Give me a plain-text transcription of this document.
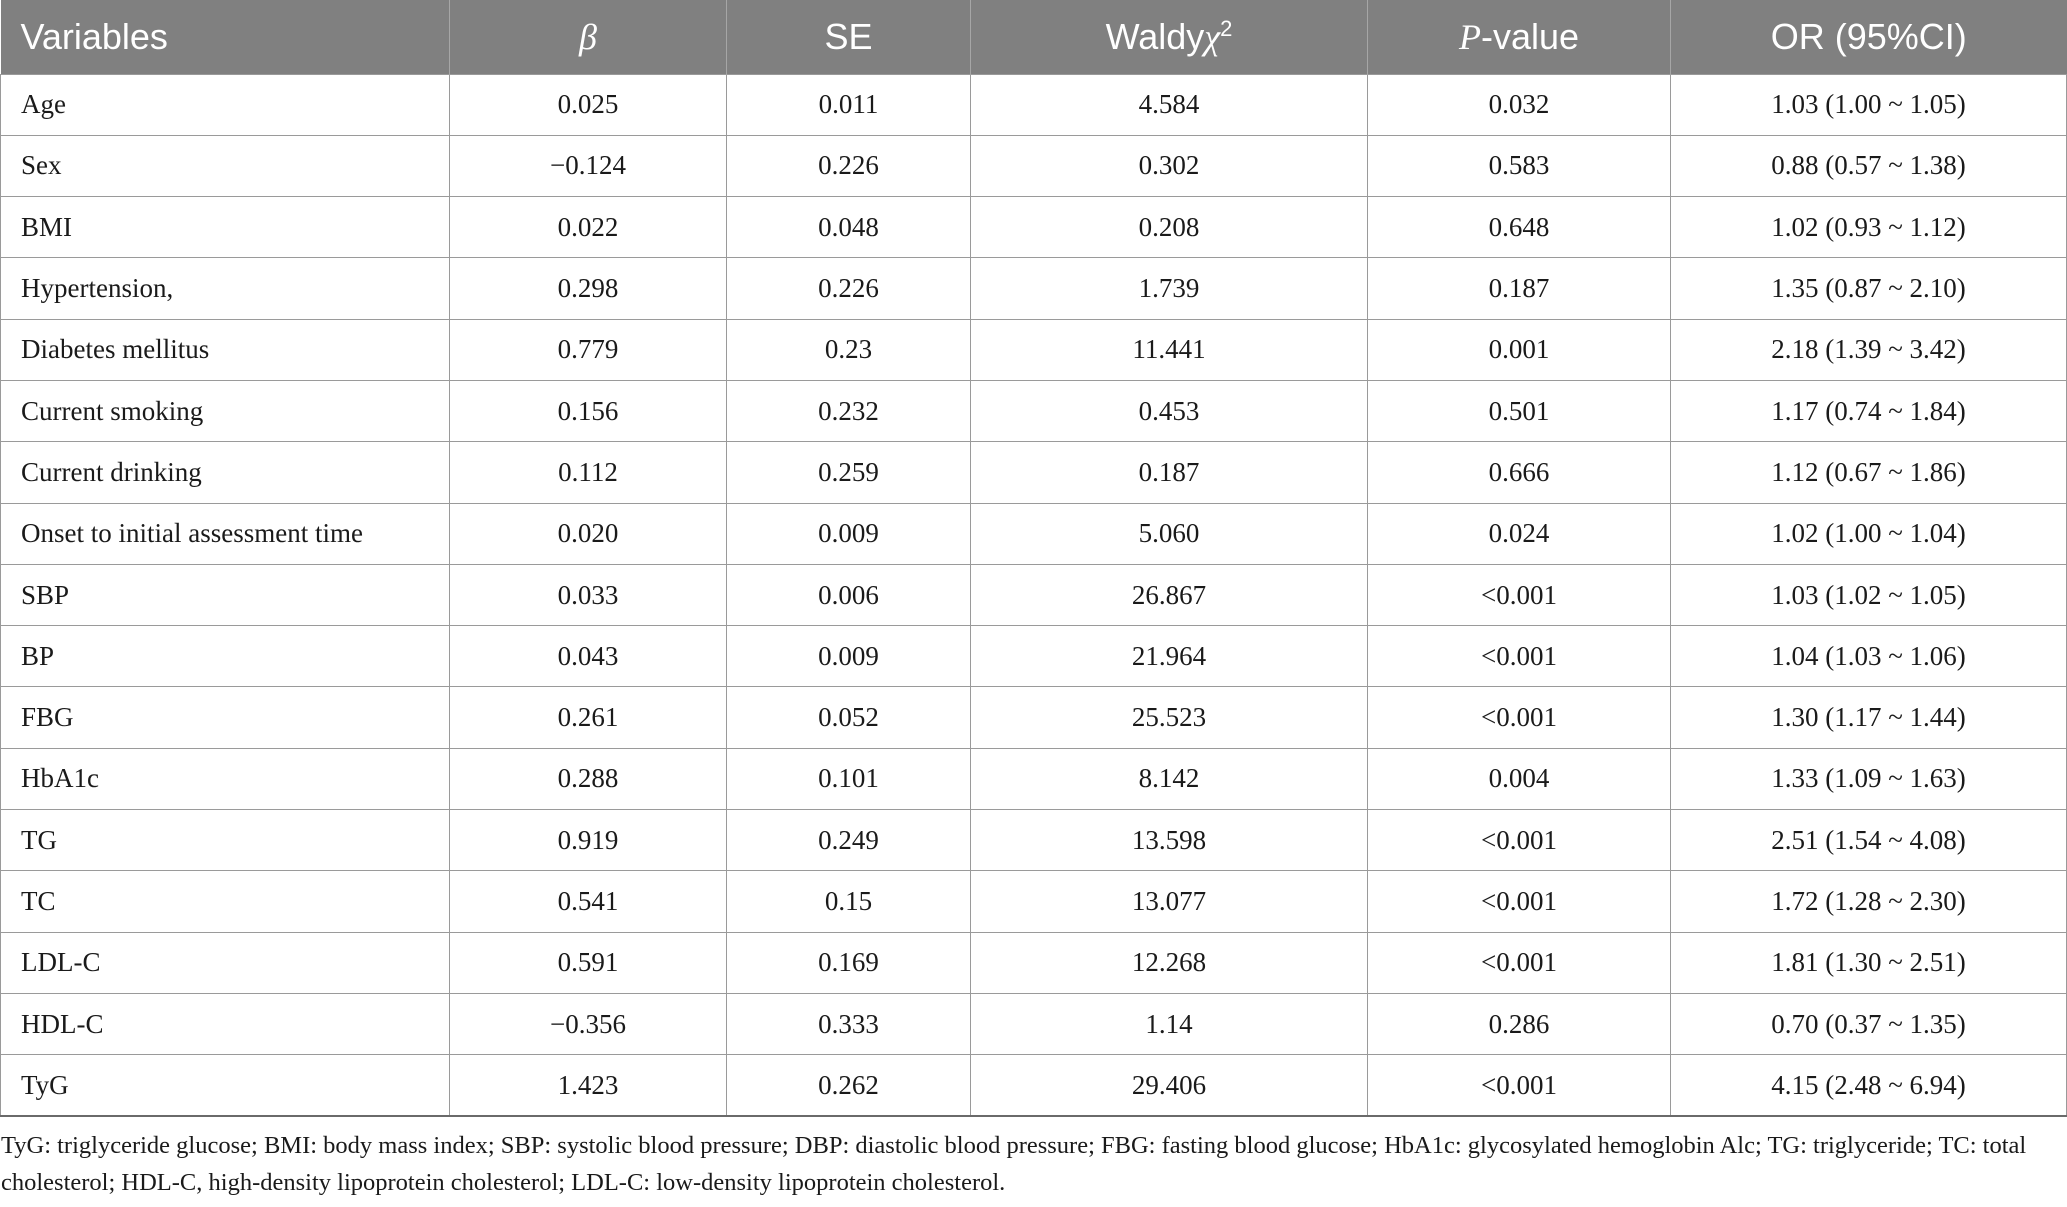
Variables	β	SE	Waldyχ$^2$	P-value	OR (95%CI)
Age	0.025	0.011	4.584	0.032	1.03 (1.00 ~ 1.05)
Sex	−0.124	0.226	0.302	0.583	0.88 (0.57 ~ 1.38)
BMI	0.022	0.048	0.208	0.648	1.02 (0.93 ~ 1.12)
Hypertension,	0.298	0.226	1.739	0.187	1.35 (0.87 ~ 2.10)
Diabetes mellitus	0.779	0.23	11.441	0.001	2.18 (1.39 ~ 3.42)
Current smoking	0.156	0.232	0.453	0.501	1.17 (0.74 ~ 1.84)
Current drinking	0.112	0.259	0.187	0.666	1.12 (0.67 ~ 1.86)
Onset to initial assessment time	0.020	0.009	5.060	0.024	1.02 (1.00 ~ 1.04)
SBP	0.033	0.006	26.867	<0.001	1.03 (1.02 ~ 1.05)
BP	0.043	0.009	21.964	<0.001	1.04 (1.03 ~ 1.06)
FBG	0.261	0.052	25.523	<0.001	1.30 (1.17 ~ 1.44)
HbA1c	0.288	0.101	8.142	0.004	1.33 (1.09 ~ 1.63)
TG	0.919	0.249	13.598	<0.001	2.51 (1.54 ~ 4.08)
TC	0.541	0.15	13.077	<0.001	1.72 (1.28 ~ 2.30)
LDL-C	0.591	0.169	12.268	<0.001	1.81 (1.30 ~ 2.51)
HDL-C	−0.356	0.333	1.14	0.286	0.70 (0.37 ~ 1.35)
TyG	1.423	0.262	29.406	<0.001	4.15 (2.48 ~ 6.94)
TyG: triglyceride glucose; BMI: body mass index; SBP: systolic blood pressure; DBP: diastolic blood pressure; FBG: fasting blood glucose; HbA1c: glycosylated hemoglobin Alc; TG: triglyceride; TC: total cholesterol; HDL-C, high-density lipoprotein cholesterol; LDL-C: low-density lipoprotein cholesterol.
